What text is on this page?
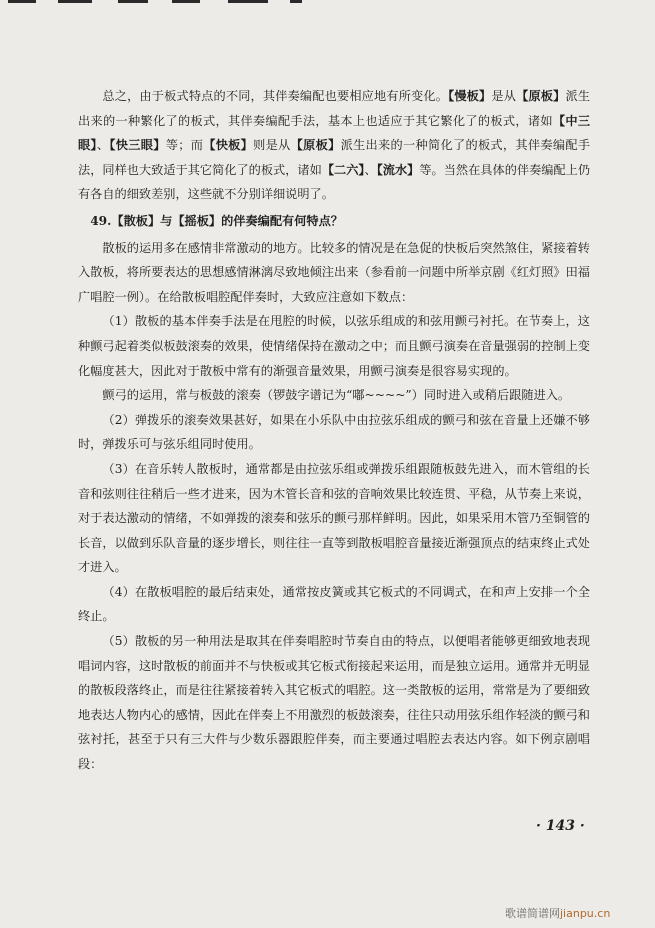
总之，由于板式特点的不同，其伴奏编配也要相应地有所变化。【慢板】是从【原板】派生出来的一种繁化了的板式，其伴奏编配手法，基本上也适应于其它繁化了的板式，诸如【中三眼】、【快三眼】等；而【快板】则是从【原板】派生出来的一种简化了的板式，其伴奏编配手法，同样也大致适于其它简化了的板式，诸如【二六】、【流水】等。当然在具体的伴奏编配上仍有各自的细致差别，这些就不分别详细说明了。

49.【散板】与【摇板】的伴奏编配有何特点？

散板的运用多在感情非常激动的地方。比较多的情况是在急促的快板后突然煞住，紧接着转入散板，将所要表达的思想感情淋漓尽致地倾注出来（参看前一问题中所举京剧《红灯照》田福广唱腔一例）。在给散板唱腔配伴奏时，大致应注意如下数点：

（1）散板的基本伴奏手法是在甩腔的时候，以弦乐组成的和弦用颤弓衬托。在节奏上，这种颤弓起着类似板鼓滚奏的效果，使情绪保持在激动之中；而且颤弓演奏在音量强弱的控制上变化幅度甚大，因此对于散板中常有的渐强音量效果，用颤弓演奏是很容易实现的。

颤弓的运用，常与板鼓的滚奏（锣鼓字谱记为“嘟~~~~”）同时进入或稍后跟随进入。

（2）弹拨乐的滚奏效果甚好，如果在小乐队中由拉弦乐组成的颤弓和弦在音量上还嫌不够时，弹拨乐可与弦乐组同时使用。

（3）在音乐转人散板时，通常都是由拉弦乐组或弹拨乐组跟随板鼓先进入，而木管组的长音和弦则往往稍后一些才进来，因为木管长音和弦的音响效果比较连贯、平稳，从节奏上来说，对于表达激动的情绪，不如弹拨的滚奏和弦乐的颤弓那样鲜明。因此，如果采用木管乃至铜管的长音，以做到乐队音量的逐步增长，则往往一直等到散板唱腔音量接近渐强顶点的结束终止式处才进入。

（4）在散板唱腔的最后结束处，通常按皮簧或其它板式的不同调式，在和声上安排一个全终止。

（5）散板的另一种用法是取其在伴奏唱腔时节奏自由的特点，以便唱者能够更细致地表现唱词内容，这时散板的前面并不与快板或其它板式衔接起来运用，而是独立运用。通常并无明显的散板段落终止，而是往往紧接着转入其它板式的唱腔。这一类散板的运用，常常是为了要细致地表达人物内心的感情，因此在伴奏上不用激烈的板鼓滚奏，往往只动用弦乐组作轻淡的颤弓和弦衬托，甚至于只有三大件与少数乐器跟腔伴奏，而主要通过唱腔去表达内容。如下例京剧唱段：

· 143 ·
歌谱简谱网jianpu.cn
